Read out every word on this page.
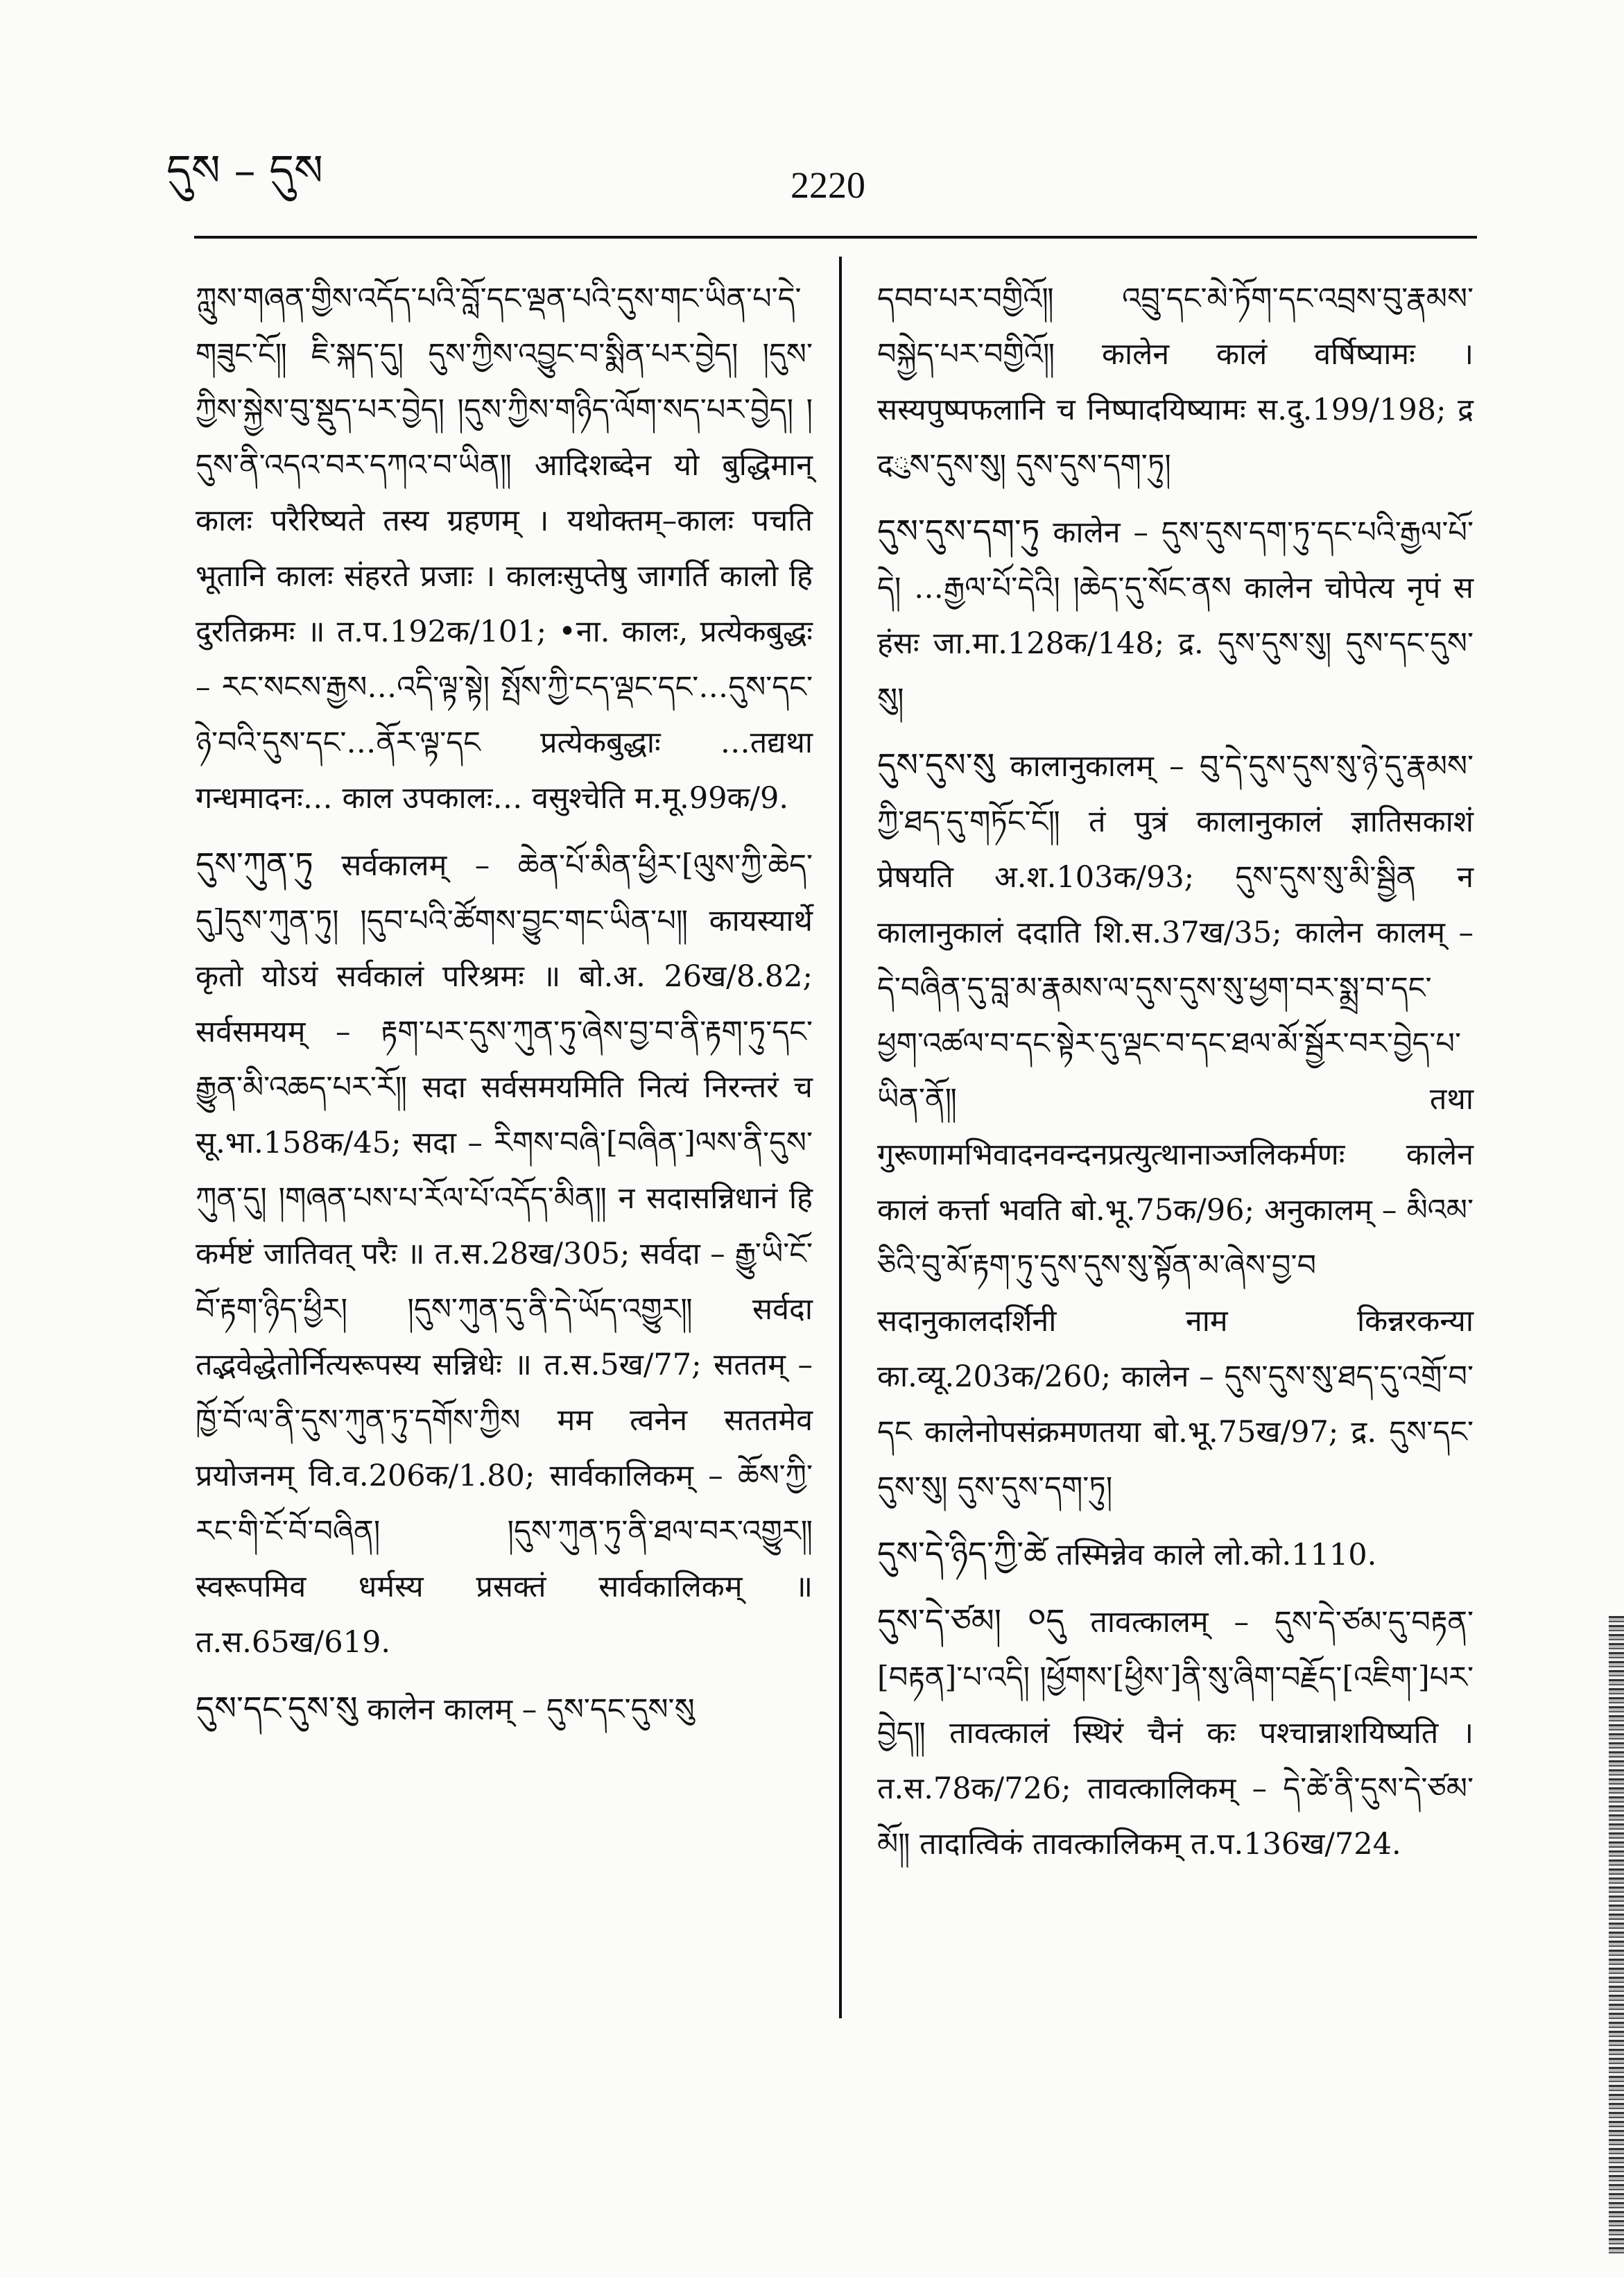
དུས – དུས	2220

ཀླུས་གཞན་གྱིས་འདོད་པའི་བློ་དང་ལྡན་པའི་དུས་གང་ཡིན་པ་དེ་གཟུང་ངོ༎ ཇི་སྐད་དུ། དུས་ཀྱིས་འབྱུང་བ་སྨིན་པར་བྱེད། །དུས་ཀྱིས་སྐྱེས་བུ་སྡུད་པར་བྱེད། །དུས་ཀྱིས་གཉིད་ལོག་སད་པར་བྱེད། །དུས་ནི་འདའ་བར་དཀའ་བ་ཡིན༎ आदिशब्देन यो बुद्धिमान् कालः परैरिष्यते तस्य ग्रहणम् । यथोक्तम्–कालः पचति भूतानि कालः संहरते प्रजाः । कालःसुप्तेषु जागर्ति कालो हि दुरतिक्रमः ॥ त.प.192क/101; •ना. कालः, प्रत्येकबुद्धः – རང་སངས་རྒྱས…འདི་ལྟ་སྟེ། སྤོས་ཀྱི་ངད་ལྡང་དང་…དུས་དང་ཉེ་བའི་དུས་དང་…ནོར་ལྟ་དང प्रत्येकबुद्धाः …तद्यथा गन्धमादनः… काल उपकालः… वसुश्चेति म.मू.99क/9.

དུས་ཀུན་ཏུ सर्वकालम् – ཆེན་པོ་མིན་ཕྱིར་[ལུས་ཀྱི་ཆེད་དུ]དུས་ཀུན་ཏུ། །དུབ་པའི་ཚོགས་བྱུང་གང་ཡིན་པ༎ कायस्यार्थे कृतो योऽयं सर्वकालं परिश्रमः ॥ बो.अ. 26ख/8.82; सर्वसमयम् – རྟག་པར་དུས་ཀུན་ཏུ་ཞེས་བྱ་བ་ནི་རྟག་ཏུ་དང་རྒྱུན་མི་འཆད་པར་རོ༎ सदा सर्वसमयमिति नित्यं निरन्तरं च सू.भा.158क/45; सदा – རིགས་བཞི་[བཞིན་]ལས་ནི་དུས་ཀུན་དུ། །གཞན་པས་པ་རོལ་པོ་འདོད་མིན༎ न सदासन्निधानं हि कर्मष्टं जातिवत् परैः ॥ त.स.28ख/305; सर्वदा – རྒྱུ་ཡི་ངོ་བོ་རྟག་ཉིད་ཕྱིར། །དུས་ཀུན་དུ་ནི་དེ་ཡོད་འགྱུར༎ सर्वदा तद्भवेद्धेतोर्नित्यरूपस्य सन्निधेः ॥ त.स.5ख/77; सततम् – ཁྱོ་བོ་ལ་ནི་དུས་ཀུན་ཏུ་དགོས་ཀྱིས मम त्वनेन सततमेव प्रयोजनम् वि.व.206क/1.80; सार्वकालिकम् – ཆོས་ཀྱི་རང་གི་ངོ་བོ་བཞིན། །དུས་ཀུན་ཏུ་ནི་ཐལ་བར་འགྱུར༎ स्वरूपमिव धर्मस्य प्रसक्तं सार्वकालिकम् ॥ त.स.65ख/619.

དུས་དང་དུས་སུ कालेन कालम् – དུས་དང་དུས་སུ

དབབ་པར་བགྱིའོ༎ འབྲུ་དང་མེ་ཏོག་དང་འབྲས་བུ་རྣམས་བསྐྱེད་པར་བགྱིའོ༎ कालेन कालं वर्षिष्यामः । सस्यपुष्पफलानि च निष्पादयिष्यामः स.दु.199/198; द्र दུས་དུས་སུ། དུས་དུས་དག་ཏུ།

དུས་དུས་དག་ཏུ कालेन – དུས་དུས་དག་ཏུ་དང་པའི་རྒྱལ་པོ་དེ། …རྒྱལ་པོ་དེའི། །ཆེད་དུ་སོང་ནས कालेन चोपेत्य नृपं स हंसः जा.मा.128क/148; द्र. དུས་དུས་སུ། དུས་དང་དུས་སུ།

དུས་དུས་སུ कालानुकालम् – བུ་དེ་དུས་དུས་སུ་ཉེ་དུ་རྣམས་ཀྱི་ཐད་དུ་གཏོང་ངོ༎ तं पुत्रं कालानुकालं ज्ञातिसकाशं प्रेषयति अ.श.103क/93; དུས་དུས་སུ་མི་སྦྱིན न कालानुकालं ददाति शि.स.37ख/35; कालेन कालम् – དེ་བཞིན་དུ་བླ་མ་རྣམས་ལ་དུས་དུས་སུ་ཕྱག་བར་སྨྲ་བ་དང་ཕྱག་འཚལ་བ་དང་སྟེར་དུ་ལྡང་བ་དང་ཐལ་མོ་སྦྱོར་བར་བྱེད་པ་ཡིན་ནོ༎ तथा गुरूणामभिवादनवन्दनप्रत्युत्थानाञ्जलिकर्मणः कालेन कालं कर्त्ता भवति बो.भू.75क/96; अनुकालम् – མིའམ་ཅིའི་བུ་མོ་རྟག་ཏུ་དུས་དུས་སུ་སྟོན་མ་ཞེས་བྱ་བ सदानुकालदर्शिनी नाम किन्नरकन्या का.व्यू.203क/260; कालेन – དུས་དུས་སུ་ཐད་དུ་འགྲོ་བ་དང कालेनोपसंक्रमणतया बो.भू.75ख/97; द्र. དུས་དང་དུས་སུ། དུས་དུས་དག་ཏུ།

དུས་དེ་ཉིད་ཀྱི་ཚེ तस्मिन्नेव काले लो.को.1110.

དུས་དེ་ཙམ། ༠དུ तावत्कालम् – དུས་དེ་ཙམ་དུ་བརྟན་[བརྟན]་པ་འདི། །ཕྱོགས་[ཕྱིས་]ནི་སུ་ཞིག་བརྗོད་[འཇིག་]པར་བྱེད༎ तावत्कालं स्थिरं चैनं कः पश्चान्नाशयिष्यति । त.स.78क/726; तावत्कालिकम् – དེ་ཚེ་ནི་དུས་དེ་ཙམ་མོ༎ तादात्विकं तावत्कालिकम् त.प.136ख/724.
